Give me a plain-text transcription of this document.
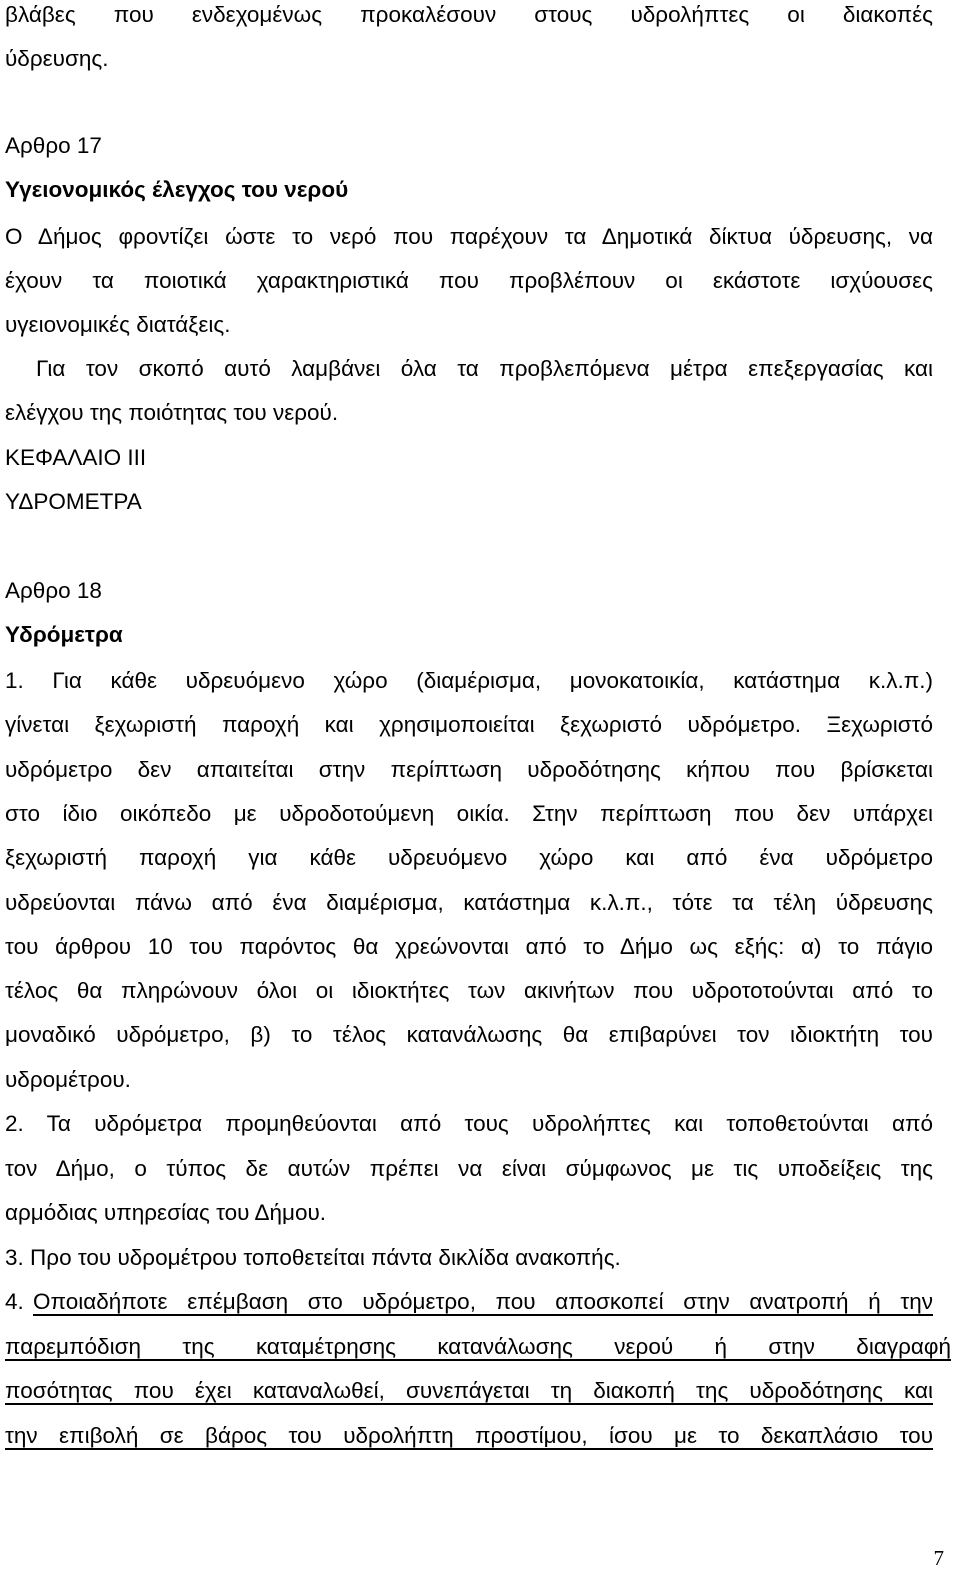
βλάβες που ενδεχομένως προκαλέσουν στους υδρολήπτες οι διακοπές
ύδρευσης.
Αρθρο 17
Υγειονομικός έλεγχος του νερού
Ο Δήμος φροντίζει ώστε το νερό που παρέχουν τα Δημοτικά δίκτυα ύδρευσης, να
έχουν τα ποιοτικά χαρακτηριστικά που προβλέπουν οι εκάστοτε ισχύουσες
υγειονομικές διατάξεις.
Για τον σκοπό αυτό λαμβάνει όλα τα προβλεπόμενα μέτρα επεξεργασίας και
ελέγχου της ποιότητας του νερού.
ΚΕΦΑΛΑΙΟ ΙΙΙ
ΥΔΡΟΜΕΤΡΑ
Αρθρο 18
Υδρόμετρα
1. Για κάθε υδρευόμενο χώρο (διαμέρισμα, μονοκατοικία, κατάστημα κ.λ.π.)
γίνεται ξεχωριστή παροχή και χρησιμοποιείται ξεχωριστό υδρόμετρο. Ξεχωριστό
υδρόμετρο δεν απαιτείται στην περίπτωση υδροδότησης κήπου που βρίσκεται
στο ίδιο οικόπεδο με υδροδοτούμενη οικία. Στην περίπτωση που δεν υπάρχει
ξεχωριστή παροχή για κάθε υδρευόμενο χώρο και από ένα υδρόμετρο
υδρεύονται πάνω από ένα διαμέρισμα, κατάστημα κ.λ.π., τότε τα τέλη ύδρευσης
του άρθρου 10 του παρόντος θα χρεώνονται από το Δήμο ως εξής: α) το πάγιο
τέλος θα πληρώνουν όλοι οι ιδιοκτήτες των ακινήτων που υδροτοτούνται από το
μοναδικό υδρόμετρο, β) το τέλος κατανάλωσης θα επιβαρύνει τον ιδιοκτήτη του
υδρομέτρου.
2. Τα υδρόμετρα προμηθεύονται από τους υδρολήπτες και τοποθετούνται από
τον Δήμο, ο τύπος δε αυτών πρέπει να είναι σύμφωνος με τις υποδείξεις της
αρμόδιας υπηρεσίας του Δήμου.
3. Προ του υδρομέτρου τοποθετείται πάντα δικλίδα ανακοπής.
4. Οποιαδήποτε επέμβαση στο υδρόμετρο, που αποσκοπεί στην ανατροπή ή την
παρεμπόδιση της καταμέτρησης κατανάλωσης νερού ή στην διαγραφή
ποσότητας που έχει καταναλωθεί, συνεπάγεται τη διακοπή της υδροδότησης και
την επιβολή σε βάρος του υδρολήπτη προστίμου, ίσου με το δεκαπλάσιο του
7
